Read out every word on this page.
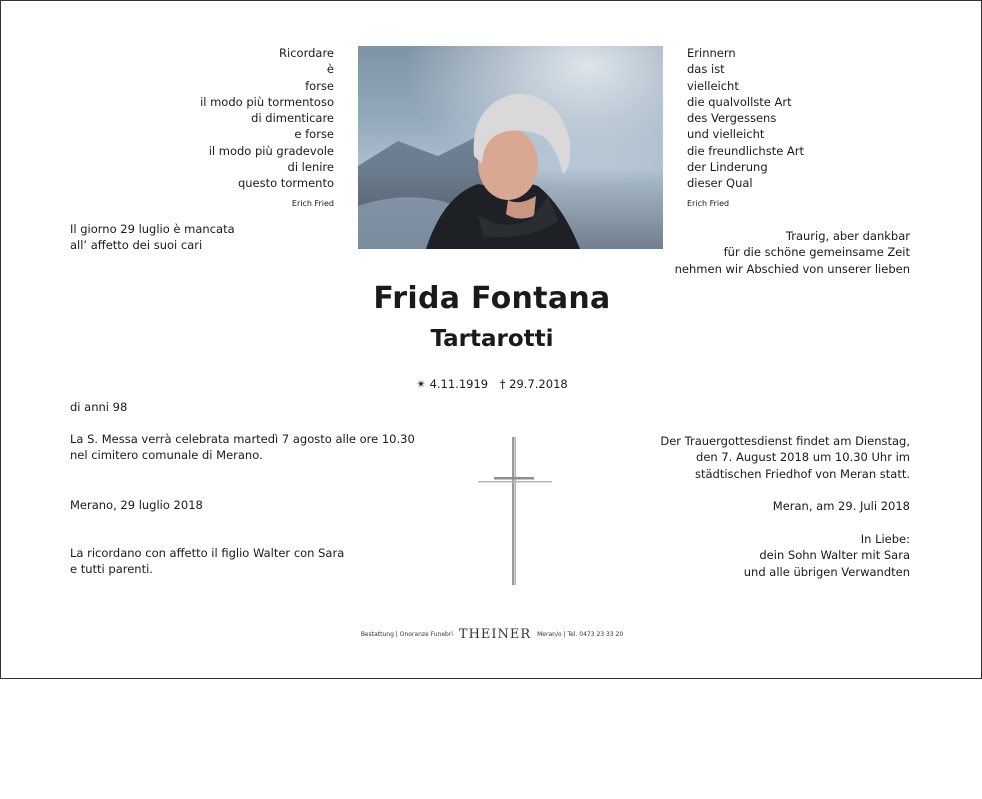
Ricordare
è
forse
il modo più tormentoso
di dimenticare
e forse
il modo più gradevole
di lenire
questo tormento
Erich Fried
Erinnern
das ist
vielleicht
die qualvollste Art
des Vergessens
und vielleicht
die freundlichste Art
der Linderung
dieser Qual
Erich Fried
Il giorno 29 luglio è mancata
all’ affetto dei suoi cari
Traurig, aber dankbar
für die schöne gemeinsame Zeit
nehmen wir Abschied von unserer lieben
Frida Fontana
Tartarotti
✴ 4.11.1919 † 29.7.2018
di anni 98
La S. Messa verrà celebrata martedì 7 agosto alle ore 10.30
nel cimitero comunale di Merano.
Merano, 29 luglio 2018
La ricordano con affetto il figlio Walter con Sara
e tutti parenti.
Der Trauergottesdienst findet am Dienstag,
den 7. August 2018 um 10.30 Uhr im
städtischen Friedhof von Meran statt.
Meran, am 29. Juli 2018
In Liebe:
dein Sohn Walter mit Sara
und alle übrigen Verwandten
Bestattung | Onoranze Funebri THEINER Meran/o | Tel. 0473 23 33 20
